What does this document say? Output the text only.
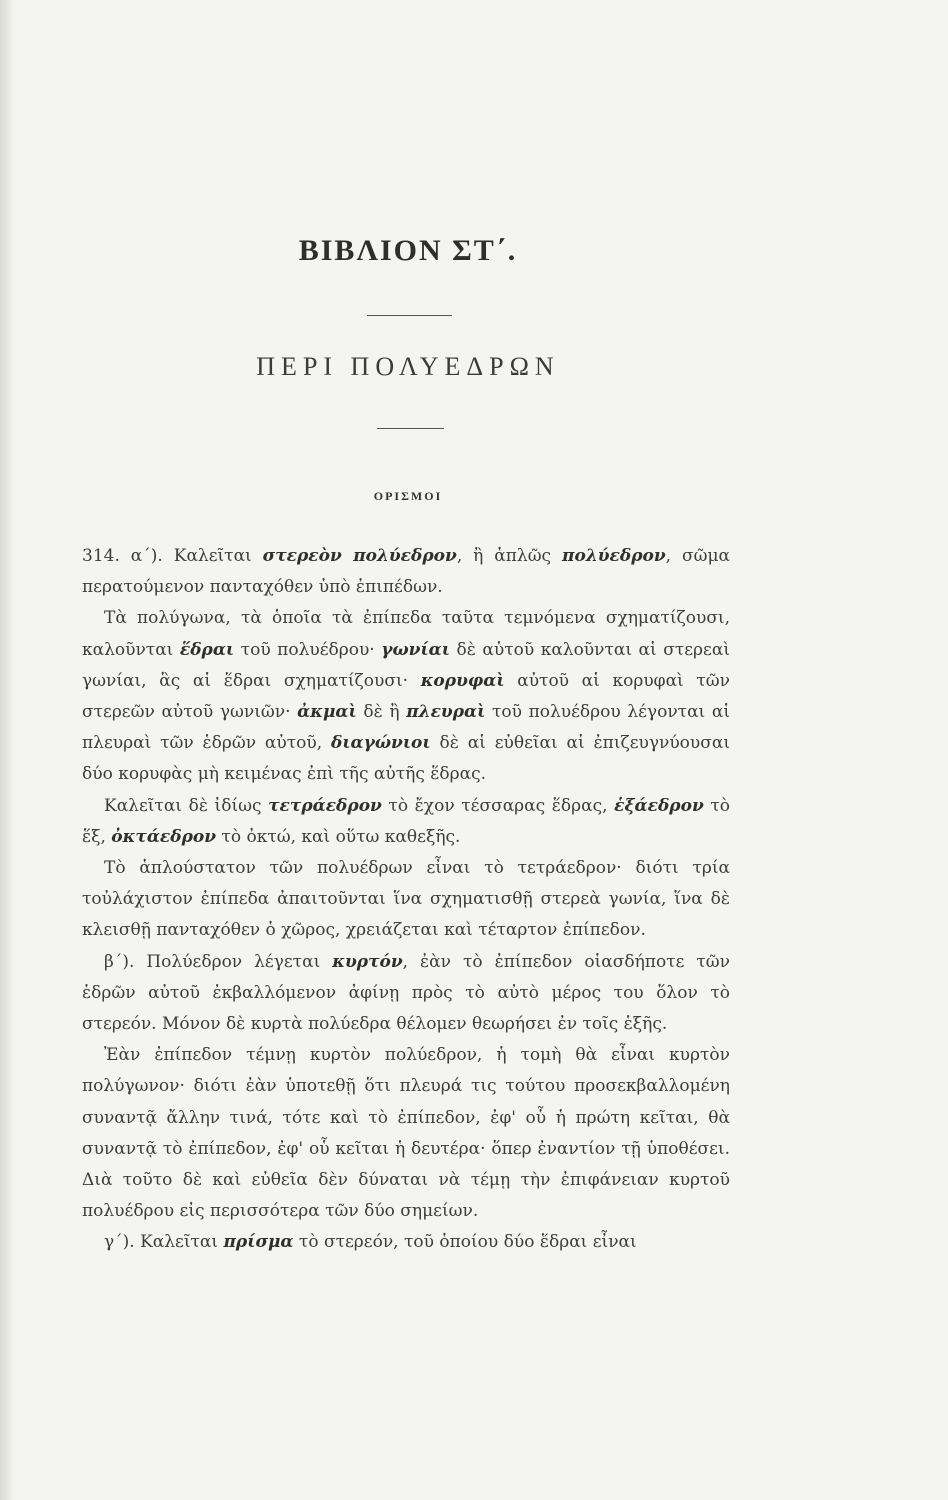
ΒΙΒΛΙΟΝ ΣΤ΄.
ΠΕΡΙ ΠΟΛΥΕΔΡΩΝ
ΟΡΙΣΜΟΙ

314. α΄). Καλεῖται στερεὸν πολύεδρον, ἢ ἁπλῶς πολύεδρον, σῶμα περατούμενον πανταχόθεν ὑπὸ ἐπιπέδων.

Τὰ πολύγωνα, τὰ ὁποῖα τὰ ἐπίπεδα ταῦτα τεμνόμενα σχηματίζουσι, καλοῦνται ἕδραι τοῦ πολυέδρου· γωνίαι δὲ αὐτοῦ καλοῦνται αἱ στερεαὶ γωνίαι, ἃς αἱ ἕδραι σχηματίζουσι· κορυφαὶ αὐτοῦ αἱ κορυφαὶ τῶν στερεῶν αὐτοῦ γωνιῶν· ἀκμαὶ δὲ ἢ πλευραὶ τοῦ πολυέδρου λέγονται αἱ πλευραὶ τῶν ἑδρῶν αὐτοῦ, διαγώνιοι δὲ αἱ εὐθεῖαι αἱ ἐπιζευγνύουσαι δύο κορυφὰς μὴ κειμένας ἐπὶ τῆς αὐτῆς ἕδρας.

Καλεῖται δὲ ἰδίως τετράεδρον τὸ ἔχον τέσσαρας ἕδρας, ἑξάεδρον τὸ ἕξ, ὀκτάεδρον τὸ ὀκτώ, καὶ οὕτω καθεξῆς.

Τὸ ἁπλούστατον τῶν πολυέδρων εἶναι τὸ τετράεδρον· διότι τρία τοὐλάχιστον ἐπίπεδα ἀπαιτοῦνται ἵνα σχηματισθῇ στερεὰ γωνία, ἵνα δὲ κλεισθῇ πανταχόθεν ὁ χῶρος, χρειάζεται καὶ τέταρτον ἐπίπεδον.

β΄). Πολύεδρον λέγεται κυρτόν, ἐὰν τὸ ἐπίπεδον οἱασδήποτε τῶν ἑδρῶν αὐτοῦ ἐκβαλλόμενον ἀφίνῃ πρὸς τὸ αὐτὸ μέρος του ὅλον τὸ στερεόν. Μόνον δὲ κυρτὰ πολύεδρα θέλομεν θεωρήσει ἐν τοῖς ἑξῆς.

Ἐὰν ἐπίπεδον τέμνῃ κυρτὸν πολύεδρον, ἡ τομὴ θὰ εἶναι κυρτὸν πολύγωνον· διότι ἐὰν ὑποτεθῇ ὅτι πλευρά τις τούτου προσεκβαλλομένη συναντᾷ ἄλλην τινά, τότε καὶ τὸ ἐπίπεδον, ἐφ' οὗ ἡ πρώτη κεῖται, θὰ συναντᾷ τὸ ἐπίπεδον, ἐφ' οὗ κεῖται ἡ δευτέρα· ὅπερ ἐναντίον τῇ ὑποθέσει. Διὰ τοῦτο δὲ καὶ εὐθεῖα δὲν δύναται νὰ τέμῃ τὴν ἐπιφάνειαν κυρτοῦ πολυέδρου εἰς περισσότερα τῶν δύο σημείων.

γ΄). Καλεῖται πρίσμα τὸ στερεόν, τοῦ ὁποίου δύο ἕδραι εἶναι
